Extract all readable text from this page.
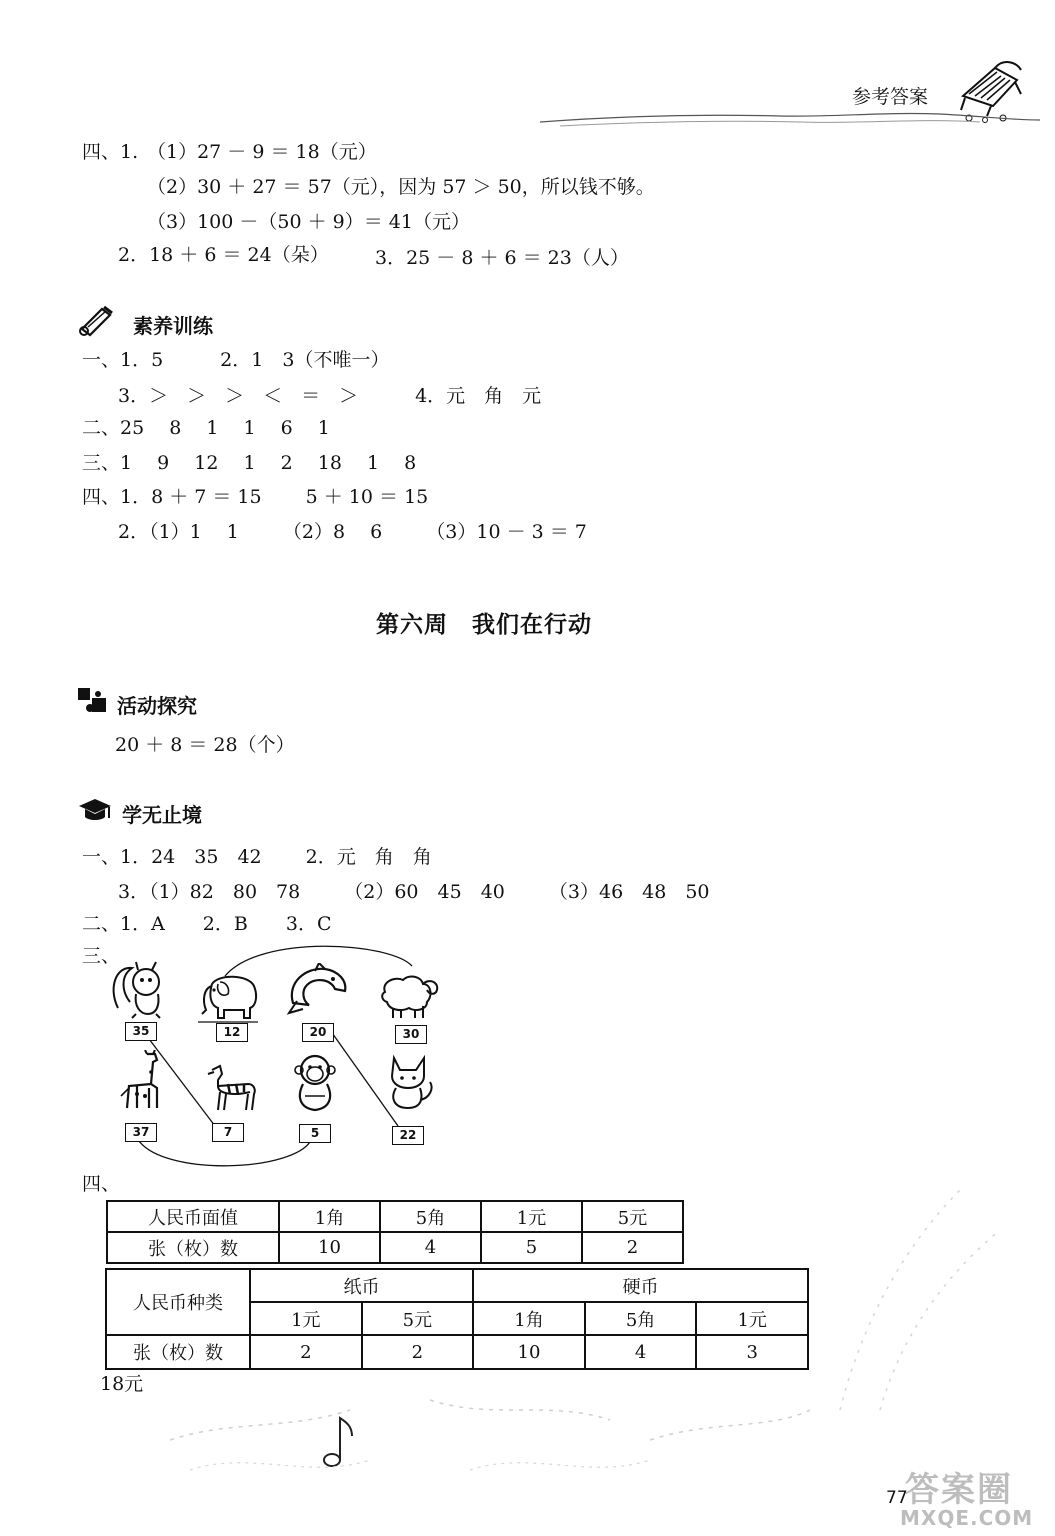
参考答案
四、1. （1）27 － 9 ＝ 18（元）
（2）30 ＋ 27 ＝ 57（元），因为 57 ＞ 50，所以钱不够。
（3）100 －（50 ＋ 9）＝ 41（元）
2．18 ＋ 6 ＝ 24（朵） 3．25 － 8 ＋ 6 ＝ 23（人）
素养训练
一、1．5　　　2．1　3（不唯一）
3．＞　＞　＞　＜　＝　＞　　　4．元　角　元
二、25　 8　 1　 1　 6　 1
三、1　 9　 12　 1　 2　 18　 1　 8
四、1．8 ＋ 7 ＝ 15　　 5 ＋ 10 ＝ 15
2．（1）1　 1　　 （2）8　 6　　 （3）10 － 3 ＝ 7
第六周　我们在行动
活动探究
20 ＋ 8 ＝ 28（个）
学无止境
一、1．24　35　42　　 2．元　角　角
3．（1）82　80　78　　 （2）60　45　40　　 （3）46　48　50
二、1．A　　2．B　　3．C
三、
35	12	20	30
37	7	5	22
四、
人民币面值	1角	5角	1元	5元
张（枚）数	10	4	5	2
人民币种类	纸币		硬币		
	1元	5元	1角	5角	1元
张（枚）数	2	2	10	4	3
18元
77
答案圈
MXQE.COM
